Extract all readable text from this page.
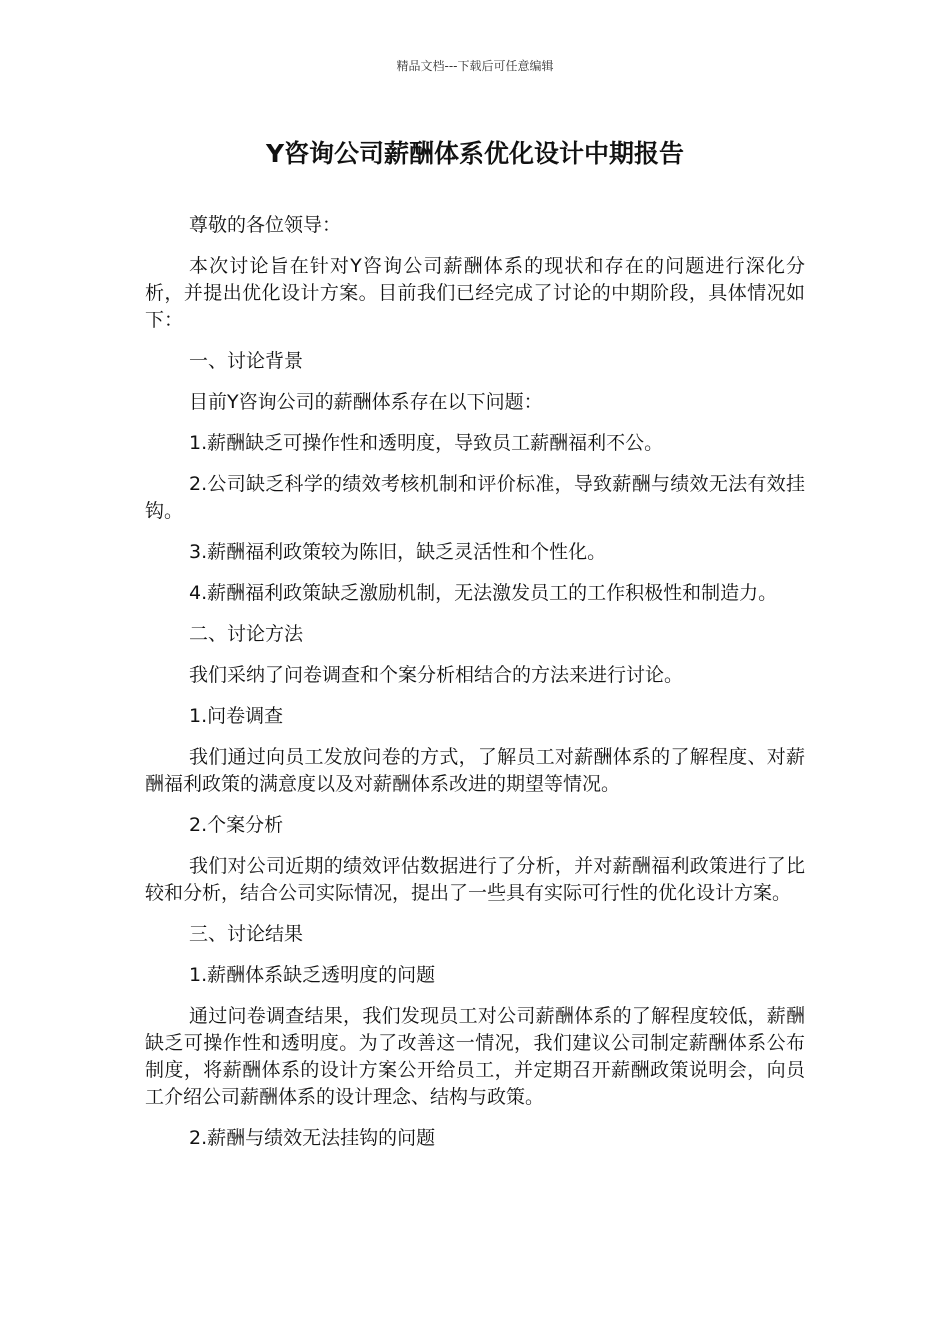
精品文档---下载后可任意编辑
Y咨询公司薪酬体系优化设计中期报告

尊敬的各位领导：

本次讨论旨在针对Y咨询公司薪酬体系的现状和存在的问题进行深化分析，并提出优化设计方案。目前我们已经完成了讨论的中期阶段，具体情况如下：

一、讨论背景

目前Y咨询公司的薪酬体系存在以下问题：

1.薪酬缺乏可操作性和透明度，导致员工薪酬福利不公。

2.公司缺乏科学的绩效考核机制和评价标准，导致薪酬与绩效无法有效挂钩。

3.薪酬福利政策较为陈旧，缺乏灵活性和个性化。

4.薪酬福利政策缺乏激励机制，无法激发员工的工作积极性和制造力。

二、讨论方法

我们采纳了问卷调查和个案分析相结合的方法来进行讨论。

1.问卷调查

我们通过向员工发放问卷的方式，了解员工对薪酬体系的了解程度、对薪酬福利政策的满意度以及对薪酬体系改进的期望等情况。

2.个案分析

我们对公司近期的绩效评估数据进行了分析，并对薪酬福利政策进行了比较和分析，结合公司实际情况，提出了一些具有实际可行性的优化设计方案。

三、讨论结果

1.薪酬体系缺乏透明度的问题

通过问卷调查结果，我们发现员工对公司薪酬体系的了解程度较低，薪酬缺乏可操作性和透明度。为了改善这一情况，我们建议公司制定薪酬体系公布制度，将薪酬体系的设计方案公开给员工，并定期召开薪酬政策说明会，向员工介绍公司薪酬体系的设计理念、结构与政策。

2.薪酬与绩效无法挂钩的问题
